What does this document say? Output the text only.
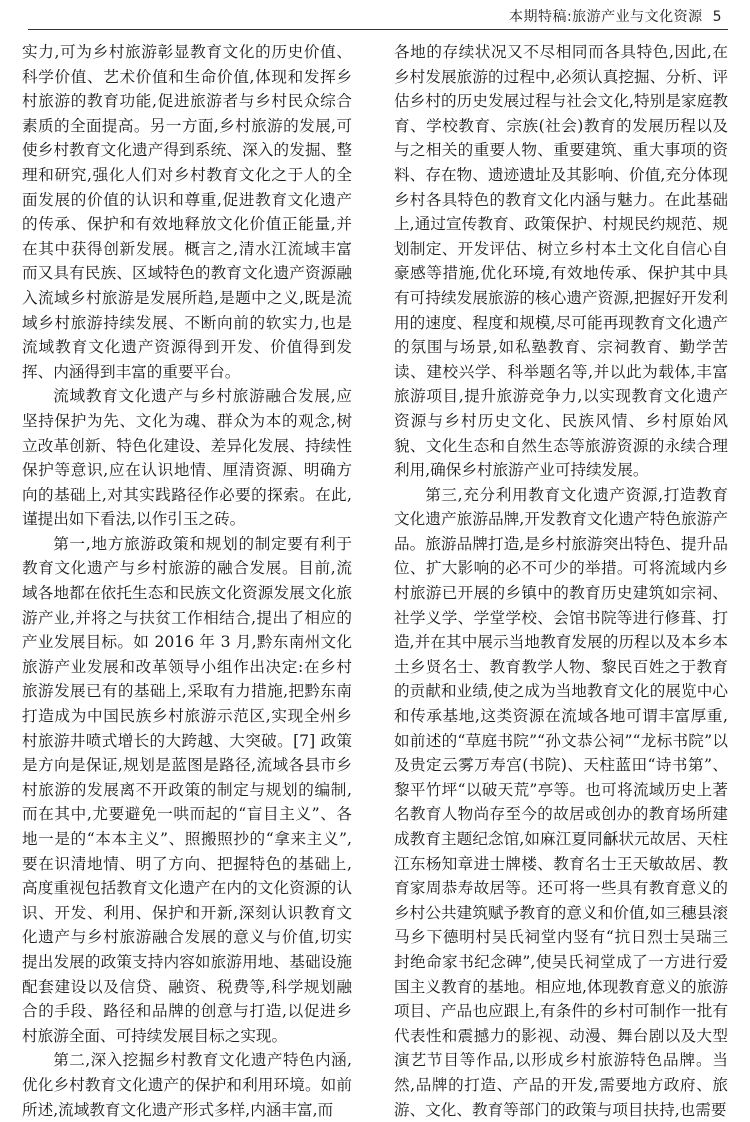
本期特稿:旅游产业与文化资源 5

实力,可为乡村旅游彰显教育文化的历史价值、科学价值、艺术价值和生命价值,体现和发挥乡村旅游的教育功能,促进旅游者与乡村民众综合素质的全面提高。另一方面,乡村旅游的发展,可使乡村教育文化遗产得到系统、深入的发掘、整理和研究,强化人们对乡村教育文化之于人的全面发展的价值的认识和尊重,促进教育文化遗产的传承、保护和有效地释放文化价值正能量,并在其中获得创新发展。概言之,清水江流域丰富而又具有民族、区域特色的教育文化遗产资源融入流域乡村旅游是发展所趋,是题中之义,既是流域乡村旅游持续发展、不断向前的软实力,也是流域教育文化遗产资源得到开发、价值得到发挥、内涵得到丰富的重要平台。

流域教育文化遗产与乡村旅游融合发展,应坚持保护为先、文化为魂、群众为本的观念,树立改革创新、特色化建设、差异化发展、持续性保护等意识,应在认识地情、厘清资源、明确方向的基础上,对其实践路径作必要的探索。在此,谨提出如下看法,以作引玉之砖。

第一,地方旅游政策和规划的制定要有利于教育文化遗产与乡村旅游的融合发展。目前,流域各地都在依托生态和民族文化资源发展文化旅游产业,并将之与扶贫工作相结合,提出了相应的产业发展目标。如 2016 年 3 月,黔东南州文化旅游产业发展和改革领导小组作出决定:在乡村旅游发展已有的基础上,采取有力措施,把黔东南打造成为中国民族乡村旅游示范区,实现全州乡村旅游井喷式增长的大跨越、大突破。[7] 政策是方向是保证,规划是蓝图是路径,流域各县市乡村旅游的发展离不开政策的制定与规划的编制,而在其中,尤要避免一哄而起的“盲目主义”、各地一是的“本本主义”、照搬照抄的“拿来主义”,要在识清地情、明了方向、把握特色的基础上,高度重视包括教育文化遗产在内的文化资源的认识、开发、利用、保护和开新,深刻认识教育文化遗产与乡村旅游融合发展的意义与价值,切实提出发展的政策支持内容如旅游用地、基础设施配套建设以及信贷、融资、税费等,科学规划融合的手段、路径和品牌的创意与打造,以促进乡村旅游全面、可持续发展目标之实现。

第二,深入挖掘乡村教育文化遗产特色内涵,优化乡村教育文化遗产的保护和利用环境。如前所述,流域教育文化遗产形式多样,内涵丰富,而

各地的存续状况又不尽相同而各具特色,因此,在乡村发展旅游的过程中,必须认真挖掘、分析、评估乡村的历史发展过程与社会文化,特别是家庭教育、学校教育、宗族(社会)教育的发展历程以及与之相关的重要人物、重要建筑、重大事项的资料、存在物、遗迹遗址及其影响、价值,充分体现乡村各具特色的教育文化内涵与魅力。在此基础上,通过宣传教育、政策保护、村规民约规范、规划制定、开发评估、树立乡村本土文化自信心自豪感等措施,优化环境,有效地传承、保护其中具有可持续发展旅游的核心遗产资源,把握好开发利用的速度、程度和规模,尽可能再现教育文化遗产的氛围与场景,如私塾教育、宗祠教育、勤学苦读、建校兴学、科举题名等,并以此为载体,丰富旅游项目,提升旅游竞争力,以实现教育文化遗产资源与乡村历史文化、民族风情、乡村原始风貌、文化生态和自然生态等旅游资源的永续合理利用,确保乡村旅游产业可持续发展。

第三,充分利用教育文化遗产资源,打造教育文化遗产旅游品牌,开发教育文化遗产特色旅游产品。旅游品牌打造,是乡村旅游突出特色、提升品位、扩大影响的必不可少的举措。可将流域内乡村旅游已开展的乡镇中的教育历史建筑如宗祠、社学义学、学堂学校、会馆书院等进行修葺、打造,并在其中展示当地教育发展的历程以及本乡本土乡贤名士、教育教学人物、黎民百姓之于教育的贡献和业绩,使之成为当地教育文化的展览中心和传承基地,这类资源在流域各地可谓丰富厚重,如前述的“草庭书院”“孙文恭公祠”“龙标书院”以及贵定云雾万寿宫(书院)、天柱蓝田“诗书第”、黎平竹坪“以破天荒”亭等。也可将流域历史上著名教育人物尚存至今的故居或创办的教育场所建成教育主题纪念馆,如麻江夏同龢状元故居、天柱江东杨知章进士牌楼、教育名士王天敏故居、教育家周恭寿故居等。还可将一些具有教育意义的乡村公共建筑赋予教育的意义和价值,如三穗县滚马乡下德明村吴氏祠堂内竖有“抗日烈士吴瑞三封绝命家书纪念碑”,使吴氏祠堂成了一方进行爱国主义教育的基地。相应地,体现教育意义的旅游项目、产品也应跟上,有条件的乡村可制作一批有代表性和震撼力的影视、动漫、舞台剧以及大型演艺节目等作品,以形成乡村旅游特色品牌。当然,品牌的打造、产品的开发,需要地方政府、旅游、文化、教育等部门的政策与项目扶持,也需要
